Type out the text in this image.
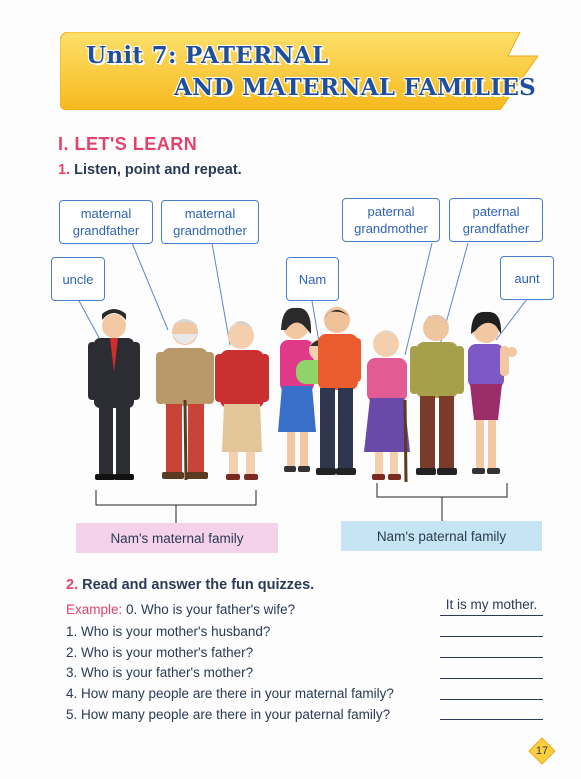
Unit 7: PATERNAL
AND MATERNAL FAMILIES
I. LET'S LEARN
1. Listen, point and repeat.
maternal grandfather
maternal grandmother
uncle	Nam
paternal grandmother
paternal grandfather
aunt
Nam's maternal family	Nam's paternal family
2. Read and answer the fun quizzes.
Example: 0. Who is your father's wife?	It is my mother.
1. Who is your mother's husband?
2. Who is your mother's father?
3. Who is your father's mother?
4. How many people are there in your maternal family?
5. How many people are there in your paternal family?
17
